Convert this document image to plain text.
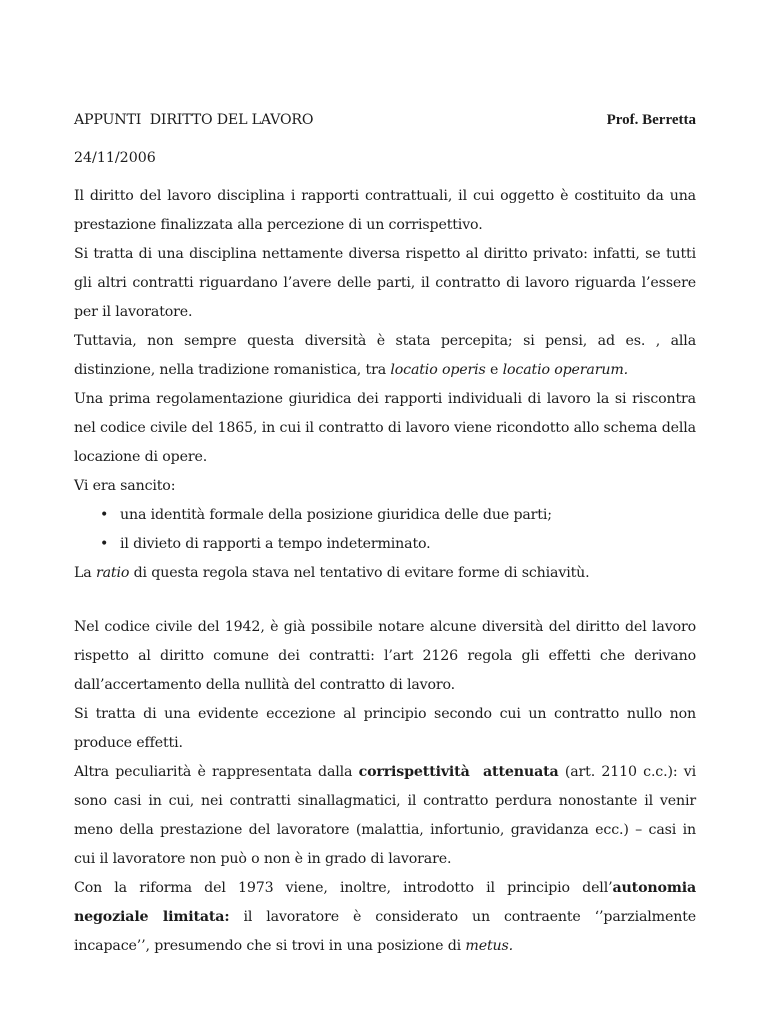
APPUNTI  DIRITTO DEL LAVORO	Prof. Berretta
24/11/2006

Il diritto del lavoro disciplina i rapporti contrattuali, il cui oggetto è costituito da una prestazione finalizzata alla percezione di un corrispettivo.

Si tratta di una disciplina nettamente diversa rispetto al diritto privato: infatti, se tutti gli altri contratti riguardano l’avere delle parti, il contratto di lavoro riguarda l’essere per il lavoratore.

Tuttavia, non sempre questa diversità è stata percepita; si pensi, ad es. , alla distinzione, nella tradizione romanistica, tra locatio operis e locatio operarum.

Una prima regolamentazione giuridica dei rapporti individuali di lavoro la si riscontra nel codice civile del 1865, in cui il contratto di lavoro viene ricondotto allo schema della locazione di opere.

Vi era sancito:

• una identità formale della posizione giuridica delle due parti;
• il divieto di rapporti a tempo indeterminato.

La ratio di questa regola stava nel tentativo di evitare forme di schiavitù.

Nel codice civile del 1942, è già possibile notare alcune diversità del diritto del lavoro rispetto al diritto comune dei contratti: l’art 2126 regola gli effetti che derivano dall’accertamento della nullità del contratto di lavoro.

Si tratta di una evidente eccezione al principio secondo cui un contratto nullo non produce effetti.

Altra peculiarità è rappresentata dalla corrispettività  attenuata (art. 2110 c.c.): vi sono casi in cui, nei contratti sinallagmatici, il contratto perdura nonostante il venir meno della prestazione del lavoratore (malattia, infortunio, gravidanza ecc.) – casi in cui il lavoratore non può o non è in grado di lavorare.

Con la riforma del 1973 viene, inoltre, introdotto il principio dell’autonomia negoziale limitata: il lavoratore è considerato un contraente ‘’parzialmente incapace’’, presumendo che si trovi in una posizione di metus.
